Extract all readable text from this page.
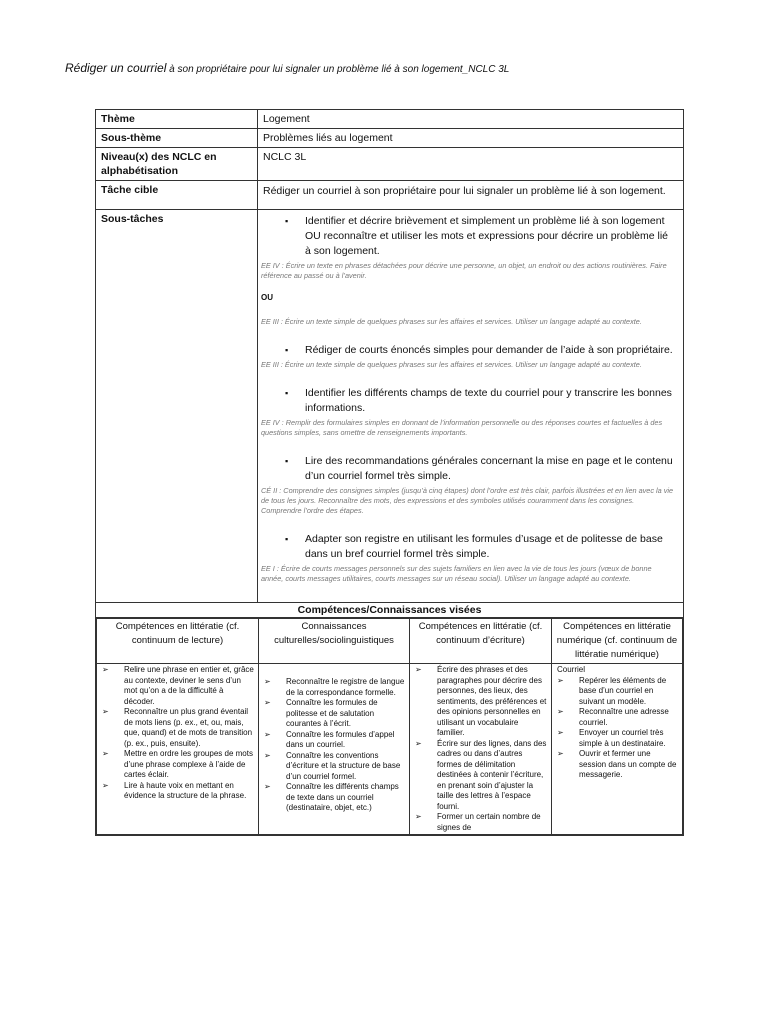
Rédiger un courriel à son propriétaire pour lui signaler un problème lié à son logement_NCLC 3L
Thème	Logement
Sous-thème	Problèmes liés au logement
Niveau(x) des NCLC en alphabétisation	NCLC 3L
Tâche cible	Rédiger un courriel à son propriétaire pour lui signaler un problème lié à son logement.
Sous-tâches	

▪Identifier et décrire brièvement et simplement un problème lié à son logement OU reconnaître et utiliser les mots et expressions pour décrire un problème lié à son logement.

EE IV : Écrire un texte en phrases détachées pour décrire une personne, un objet, un endroit ou des actions routinières. Faire référence au passé ou à l’avenir.

OU

EE III : Écrire un texte simple de quelques phrases sur les affaires et services. Utiliser un langage adapté au contexte.

▪ Rédiger de courts énoncés simples pour demander de l’aide à son propriétaire.

EE III : Écrire un texte simple de quelques phrases sur les affaires et services. Utiliser un langage adapté au contexte.

▪ Identifier les différents champs de texte du courriel pour y transcrire les bonnes informations.

EE IV : Remplir des formulaires simples en donnant de l’information personnelle ou des réponses courtes et factuelles à des questions simples, sans omettre de renseignements importants.

▪ Lire des recommandations générales concernant la mise en page et le contenu d’un courriel formel très simple.

CÉ II : Comprendre des consignes simples (jusqu’à cinq étapes) dont l’ordre est très clair, parfois illustrées et en lien avec la vie de tous les jours. Reconnaître des mots, des expressions et des symboles utilisés couramment dans les consignes. Comprendre l’ordre des étapes.

▪ Adapter son registre en utilisant les formules d’usage et de politesse de base dans un bref courriel formel très simple.

EE I : Écrire de courts messages personnels sur des sujets familiers en lien avec la vie de tous les jours (vœux de bonne année, courts messages utilitaires, courts messages sur un réseau social). Utiliser un langage adapté au contexte.

Compétences/Connaissances visées

Compétences en littératie (cf. continuum de lecture)	Connaissances culturelles/sociolinguistiques	Compétences en littératie (cf. continuum d’écriture)	Compétences en littératie numérique (cf. continuum de littératie numérique)

➢ Relire une phrase en entier et, grâce au contexte, deviner le sens d’un mot qu’on a de la difficulté à décoder.
➢ Reconnaître un plus grand éventail de mots liens (p. ex., et, ou, mais, que, quand) et de mots de transition (p. ex., puis, ensuite).
➢ Mettre en ordre les groupes de mots d’une phrase complexe à l’aide de cartes éclair.
➢ Lire à haute voix en mettant en évidence la structure de la phrase.

➢ Reconnaître le registre de langue de la correspondance formelle.
➢ Connaître les formules de politesse et de salutation courantes à l’écrit.
➢ Connaître les formules d’appel dans un courriel.
➢ Connaître les conventions d’écriture et la structure de base d’un courriel formel.
➢ Connaître les différents champs de texte dans un courriel (destinataire, objet, etc.)

➢ Écrire des phrases et des paragraphes pour décrire des personnes, des lieux, des sentiments, des préférences et des opinions personnelles en utilisant un vocabulaire familier.
➢ Écrire sur des lignes, dans des cadres ou dans d’autres formes de délimitation destinées à contenir l’écriture, en prenant soin d’ajuster la taille des lettres à l’espace fourni.
➢ Former un certain nombre de signes de

Courriel
➢ Repérer les éléments de base d’un courriel en suivant un modèle.
➢ Reconnaître une adresse courriel.
➢ Envoyer un courriel très simple à un destinataire.
➢ Ouvrir et fermer une session dans un compte de messagerie.
